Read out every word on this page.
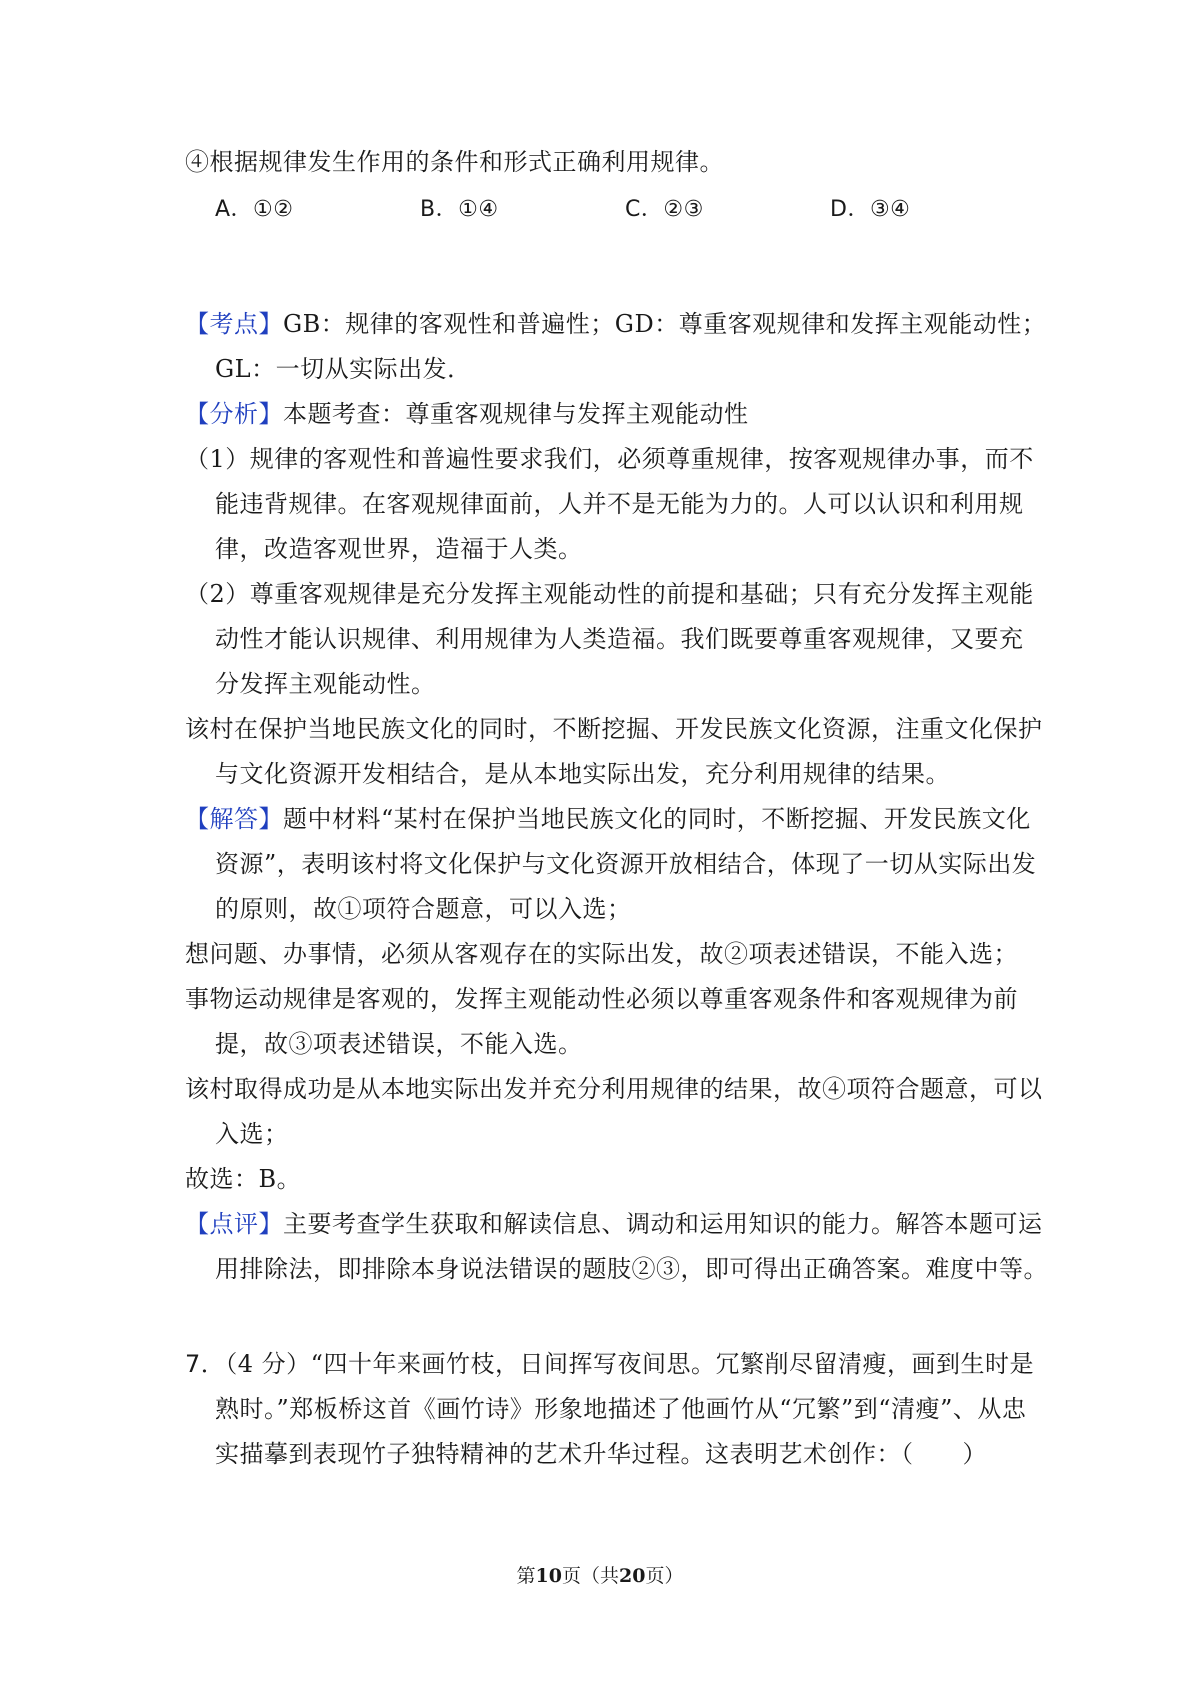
④根据规律发生作用的条件和形式正确利用规律。
A．①②	B．①④	C．②③	D．③④
【考点】GB：规律的客观性和普遍性；GD：尊重客观规律和发挥主观能动性；
GL：一切从实际出发．
【分析】本题考查：尊重客观规律与发挥主观能动性
（1）规律的客观性和普遍性要求我们，必须尊重规律，按客观规律办事，而不
能违背规律。在客观规律面前，人并不是无能为力的。人可以认识和利用规
律，改造客观世界，造福于人类。
（2）尊重客观规律是充分发挥主观能动性的前提和基础；只有充分发挥主观能
动性才能认识规律、利用规律为人类造福。我们既要尊重客观规律，又要充
分发挥主观能动性。
该村在保护当地民族文化的同时，不断挖掘、开发民族文化资源，注重文化保护
与文化资源开发相结合，是从本地实际出发，充分利用规律的结果。
【解答】题中材料“某村在保护当地民族文化的同时，不断挖掘、开发民族文化
资源”，表明该村将文化保护与文化资源开放相结合，体现了一切从实际出发
的原则，故①项符合题意，可以入选；
想问题、办事情，必须从客观存在的实际出发，故②项表述错误，不能入选；
事物运动规律是客观的，发挥主观能动性必须以尊重客观条件和客观规律为前
提，故③项表述错误，不能入选。
该村取得成功是从本地实际出发并充分利用规律的结果，故④项符合题意，可以
入选；
故选：B。
【点评】主要考查学生获取和解读信息、调动和运用知识的能力。解答本题可运
用排除法，即排除本身说法错误的题肢②③，即可得出正确答案。难度中等。
7．（4 分）“四十年来画竹枝，日间挥写夜间思。冗繁削尽留清瘦，画到生时是
熟时。”郑板桥这首《画竹诗》形象地描述了他画竹从“冗繁”到“清瘦”、从忠
实描摹到表现竹子独特精神的艺术升华过程。这表明艺术创作：（　　）
第10页（共20页）
